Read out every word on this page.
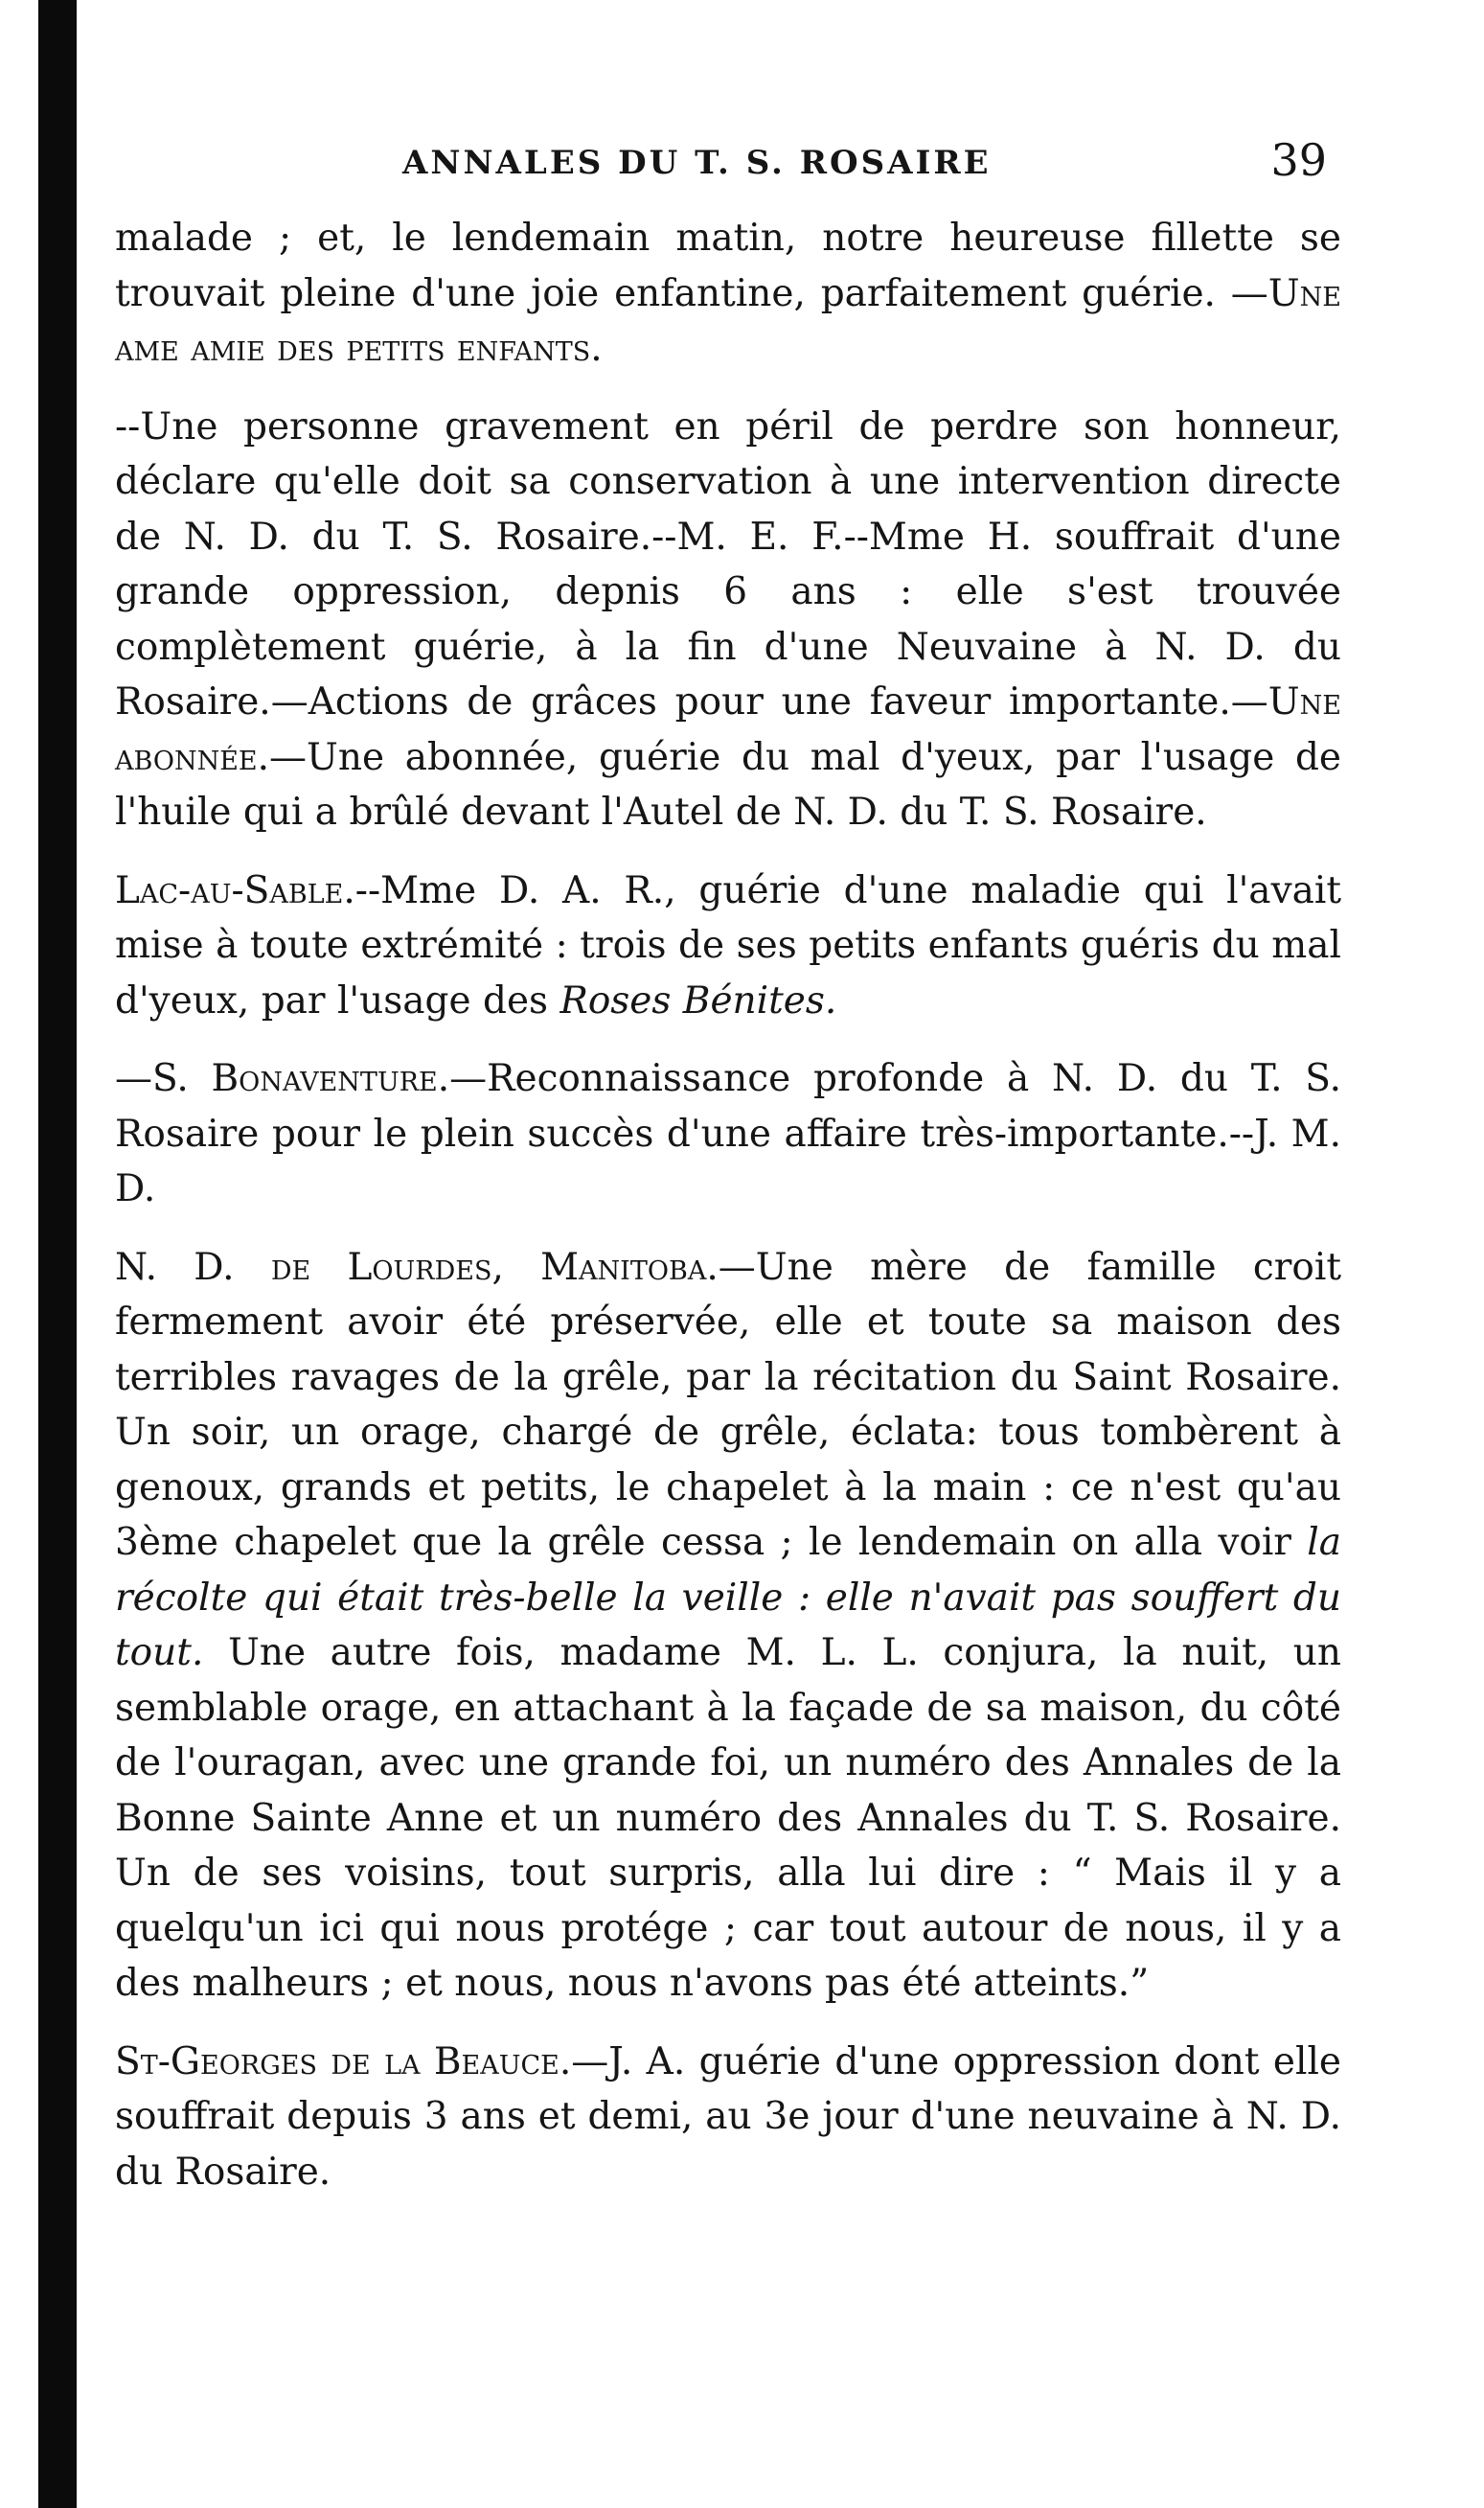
ANNALES DU T. S. ROSAIRE	39

malade ; et, le lendemain matin, notre heureuse fillette se trouvait pleine d'une joie enfantine, parfaitement guérie. —Une ame amie des petits enfants.

--Une personne gravement en péril de perdre son honneur, déclare qu'elle doit sa conservation à une intervention directe de N. D. du T. S. Rosaire.--M. E. F.--Mme H. souffrait d'une grande oppression, depnis 6 ans : elle s'est trouvée complètement guérie, à la fin d'une Neuvaine à N. D. du Rosaire.—Actions de grâces pour une faveur importante.—Une abonnée.—Une abonnée, guérie du mal d'yeux, par l'usage de l'huile qui a brûlé devant l'Autel de N. D. du T. S. Rosaire.

Lac-au-Sable.--Mme D. A. R., guérie d'une maladie qui l'avait mise à toute extrémité : trois de ses petits enfants guéris du mal d'yeux, par l'usage des Roses Bénites.

—S. Bonaventure.—Reconnaissance profonde à N. D. du T. S. Rosaire pour le plein succès d'une affaire très-importante.--J. M. D.

N. D. de Lourdes, Manitoba.—Une mère de famille croit fermement avoir été préservée, elle et toute sa maison des terribles ravages de la grêle, par la récitation du Saint Rosaire. Un soir, un orage, chargé de grêle, éclata: tous tombèrent à genoux, grands et petits, le chapelet à la main : ce n'est qu'au 3ème chapelet que la grêle cessa ; le lendemain on alla voir la récolte qui était très-belle la veille : elle n'avait pas souffert du tout. Une autre fois, madame M. L. L. conjura, la nuit, un semblable orage, en attachant à la façade de sa maison, du côté de l'ouragan, avec une grande foi, un numéro des Annales de la Bonne Sainte Anne et un numéro des Annales du T. S. Rosaire. Un de ses voisins, tout surpris, alla lui dire : “ Mais il y a quelqu'un ici qui nous protége ; car tout autour de nous, il y a des malheurs ; et nous, nous n'avons pas été atteints.”

St-Georges de la Beauce.—J. A. guérie d'une oppression dont elle souffrait depuis 3 ans et demi, au 3e jour d'une neuvaine à N. D. du Rosaire.
